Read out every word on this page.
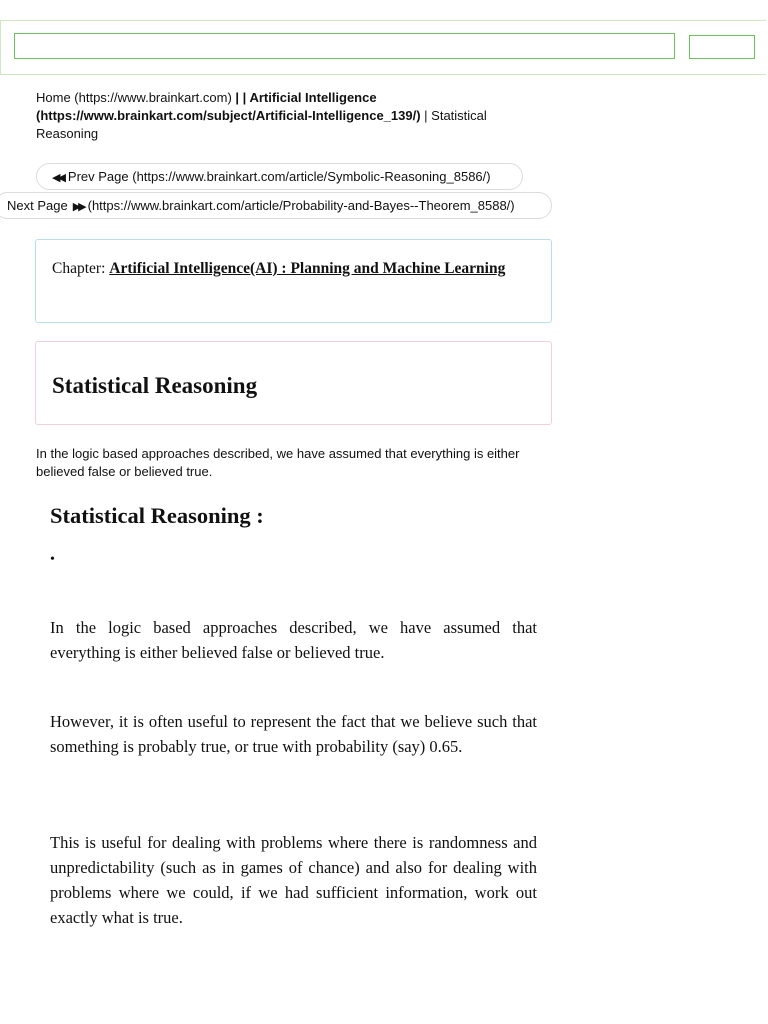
Home (https://www.brainkart.com) | | Artificial Intelligence (https://www.brainkart.com/subject/Artificial-Intelligence_139/) | Statistical Reasoning
◀◀ Prev Page (https://www.brainkart.com/article/Symbolic-Reasoning_8586/)
Next Page ▶▶ (https://www.brainkart.com/article/Probability-and-Bayes--Theorem_8588/)
Chapter: Artificial Intelligence(AI) : Planning and Machine Learning
Statistical Reasoning
In the logic based approaches described, we have assumed that everything is either believed false or believed true.
Statistical Reasoning :
•

In the logic based approaches described, we have assumed that everything is either believed false or believed true.

However, it is often useful to represent the fact that we believe such that something is probably true, or true with probability (say) 0.65.

This is useful for dealing with problems where there is randomness and unpredictability (such as in games of chance) and also for dealing with problems where we could, if we had sufficient information, work out exactly what is true.
